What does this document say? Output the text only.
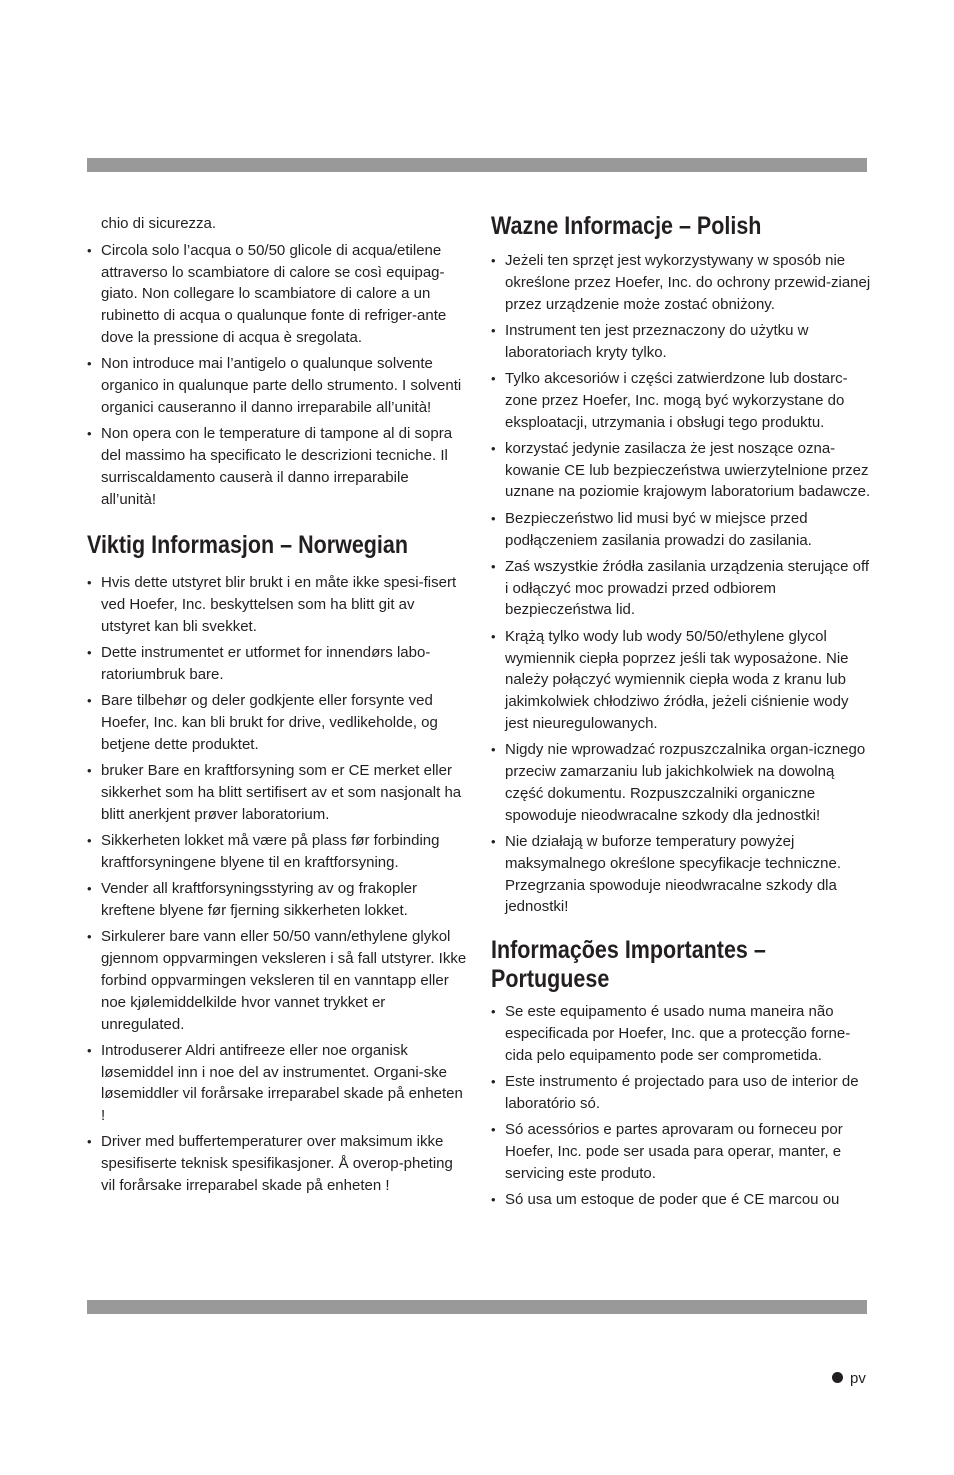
chio di sicurezza.

• Circola solo l’acqua o 50/50 glicole di acqua/etilene attraverso lo scambiatore di calore se così equipag-giato. Non collegare lo scambiatore di calore a un rubinetto di acqua o qualunque fonte di refriger-ante dove la pressione di acqua è sregolata.
• Non introduce mai l’antigelo o qualunque solvente organico in qualunque parte dello strumento. I solventi organici causeranno il danno irreparabile all’unità!
• Non opera con le temperature di tampone al di sopra del massimo ha specificato le descrizioni tecniche. Il surriscaldamento causerà il danno irreparabile all’unità!
Viktig Informasjon – Norwegian
• Hvis dette utstyret blir brukt i en måte ikke spesi-fisert ved Hoefer, Inc. beskyttelsen som ha blitt git av utstyret kan bli svekket.
• Dette instrumentet er utformet for innendørs labo-ratoriumbruk bare.
• Bare tilbehør og deler godkjente eller forsynte ved Hoefer, Inc. kan bli brukt for drive, vedlikeholde, og betjene dette produktet.
• bruker Bare en kraftforsyning som er CE merket eller sikkerhet som ha blitt sertifisert av et som nasjonalt ha blitt anerkjent prøver laboratorium.
• Sikkerheten lokket må være på plass før forbinding kraftforsyningene blyene til en kraftforsyning.
• Vender all kraftforsyningsstyring av og frakopler kreftene blyene før fjerning sikkerheten lokket.
• Sirkulerer bare vann eller 50/50 vann/ethylene glykol gjennom oppvarmingen veksleren i så fall utstyrer. Ikke forbind oppvarmingen veksleren til en vanntapp eller noe kjølemiddelkilde hvor vannet trykket er unregulated.
• Introduserer Aldri antifreeze eller noe organisk løsemiddel inn i noe del av instrumentet. Organi-ske løsemiddler vil forårsake irreparabel skade på enheten !
• Driver med buffertemperaturer over maksimum ikke spesifiserte teknisk spesifikasjoner. Å overop-pheting vil forårsake irreparabel skade på enheten !
Wazne Informacje – Polish
• Jeżeli ten sprzęt jest wykorzystywany w sposób nie określone przez Hoefer, Inc. do ochrony przewid-zianej przez urządzenie może zostać obniżony.
• Instrument ten jest przeznaczony do użytku w laboratoriach kryty tylko.
• Tylko akcesoriów i części zatwierdzone lub dostarc-zone przez Hoefer, Inc. mogą być wykorzystane do eksploatacji, utrzymania i obsługi tego produktu.
• korzystać jedynie zasilacza że jest noszące ozna-kowanie CE lub bezpieczeństwa uwierzytelnione przez uznane na poziomie krajowym laboratorium badawcze.
• Bezpieczeństwo lid musi być w miejsce przed podłączeniem zasilania prowadzi do zasilania.
• Zaś wszystkie źródła zasilania urządzenia sterujące off i odłączyć moc prowadzi przed odbiorem bezpieczeństwa lid.
• Krążą tylko wody lub wody 50/50/ethylene glycol wymiennik ciepła poprzez jeśli tak wyposażone. Nie należy połączyć wymiennik ciepła woda z kranu lub jakimkolwiek chłodziwo źródła, jeżeli ciśnienie wody jest nieuregulowanych.
• Nigdy nie wprowadzać rozpuszczalnika organ-icznego przeciw zamarzaniu lub jakichkolwiek na dowolną część dokumentu. Rozpuszczalniki organiczne spowoduje nieodwracalne szkody dla jednostki!
• Nie działają w buforze temperatury powyżej maksymalnego określone specyfikacje techniczne. Przegrzania spowoduje nieodwracalne szkody dla jednostki!
Informações Importantes –
Portuguese
• Se este equipamento é usado numa maneira não especificada por Hoefer, Inc. que a protecção forne-cida pelo equipamento pode ser comprometida.
• Este instrumento é projectado para uso de interior de laboratório só.
• Só acessórios e partes aprovaram ou forneceu por Hoefer, Inc. pode ser usada para operar, manter, e servicing este produto.
• Só usa um estoque de poder que é CE marcou ou
pv
